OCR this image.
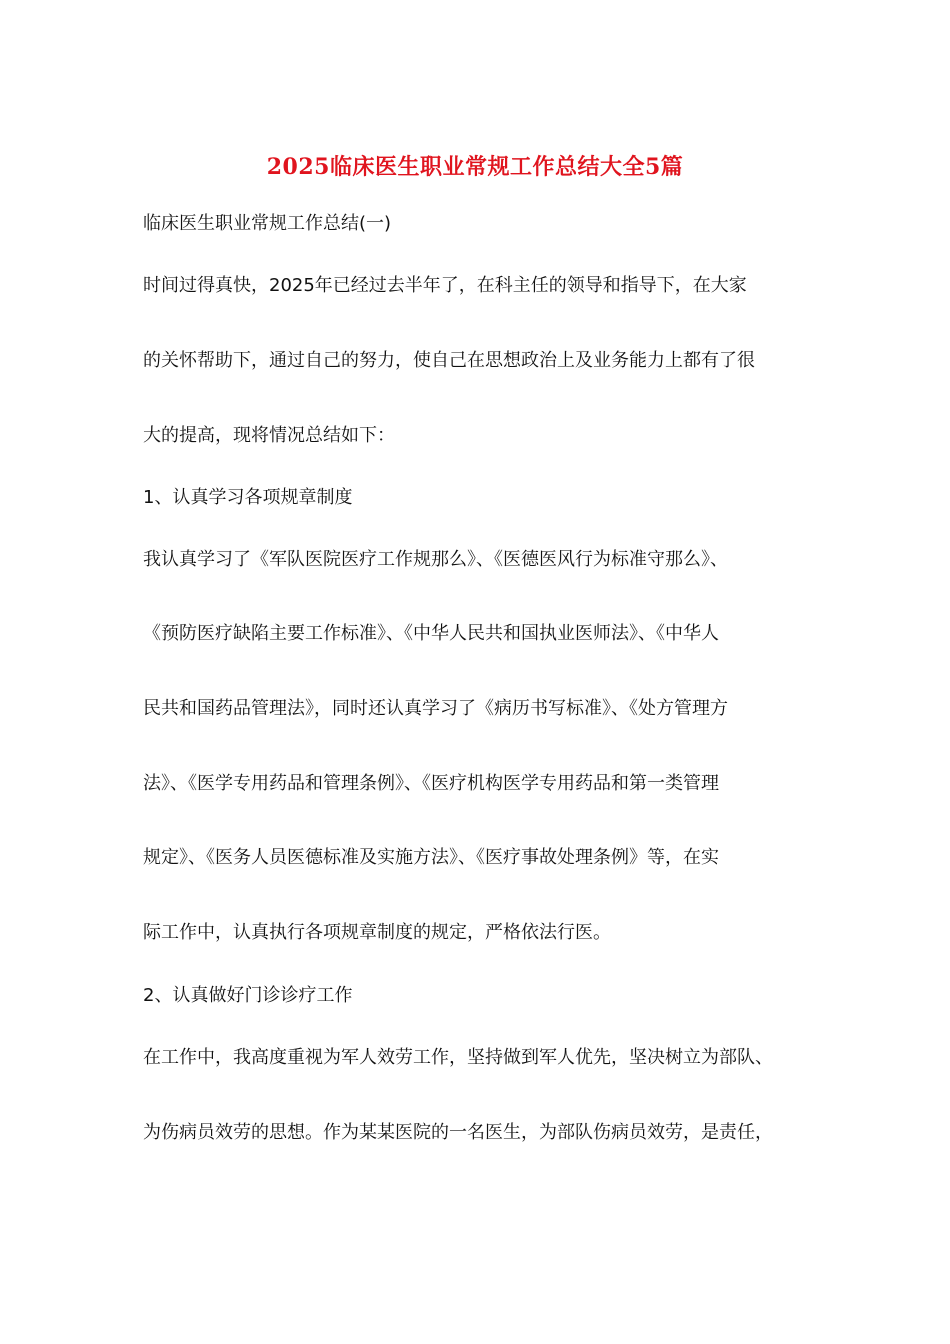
2025临床医生职业常规工作总结大全5篇
临床医生职业常规工作总结(一)
时间过得真快，2025年已经过去半年了，在科主任的领导和指导下，在大家
的关怀帮助下，通过自己的努力，使自己在思想政治上及业务能力上都有了很
大的提高，现将情况总结如下：
1、认真学习各项规章制度
我认真学习了《军队医院医疗工作规那么》、《医德医风行为标准守那么》、
《预防医疗缺陷主要工作标准》、《中华人民共和国执业医师法》、《中华人
民共和国药品管理法》，同时还认真学习了《病历书写标准》、《处方管理方
法》、《医学专用药品和管理条例》、《医疗机构医学专用药品和第一类管理
规定》、《医务人员医德标准及实施方法》、《医疗事故处理条例》等，在实
际工作中，认真执行各项规章制度的规定，严格依法行医。
2、认真做好门诊诊疗工作
在工作中，我高度重视为军人效劳工作，坚持做到军人优先，坚决树立为部队、
为伤病员效劳的思想。作为某某医院的一名医生，为部队伤病员效劳，是责任，
